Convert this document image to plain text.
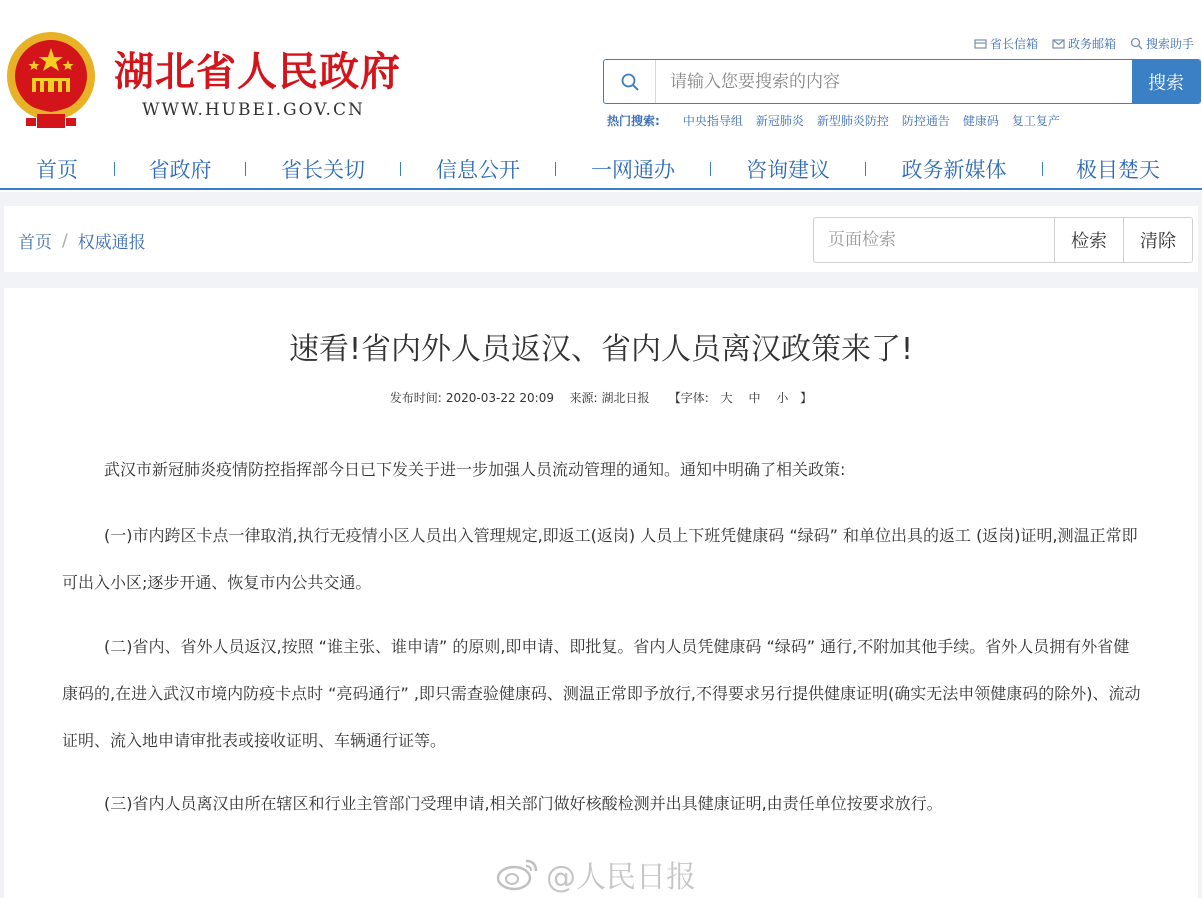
湖北省人民政府
WWW.HUBEI.GOV.CN
省长信箱	政务邮箱	搜索助手
请输入您要搜索的内容
搜索
热门搜索: 中央指导组 新冠肺炎 新型肺炎防控 防控通告 健康码 复工复产
首页	省政府	省长关切	信息公开	一网通办	咨询建议	政务新媒体	极目楚天
首页 / 权威通报
页面检索	检索	清除
速看!省内外人员返汉、省内人员离汉政策来了!
发布时间: 2020-03-22 20:09 来源: 湖北日报 【字体: 大 中 小 】

武汉市新冠肺炎疫情防控指挥部今日已下发关于进一步加强人员流动管理的通知。通知中明确了相关政策:

(一)市内跨区卡点一律取消,执行无疫情小区人员出入管理规定,即返工(返岗) 人员上下班凭健康码 “绿码” 和单位出具的返工 (返岗)证明,测温正常即可出入小区;逐步开通、恢复市内公共交通。

(二)省内、省外人员返汉,按照 “谁主张、谁申请” 的原则,即申请、即批复。省内人员凭健康码 “绿码” 通行,不附加其他手续。省外人员拥有外省健康码的,在进入武汉市境内防疫卡点时 “亮码通行” ,即只需查验健康码、测温正常即予放行,不得要求另行提供健康证明(确实无法申领健康码的除外)、流动证明、流入地申请审批表或接收证明、车辆通行证等。

(三)省内人员离汉由所在辖区和行业主管部门受理申请,相关部门做好核酸检测并出具健康证明,由责任单位按要求放行。

@人民日报
